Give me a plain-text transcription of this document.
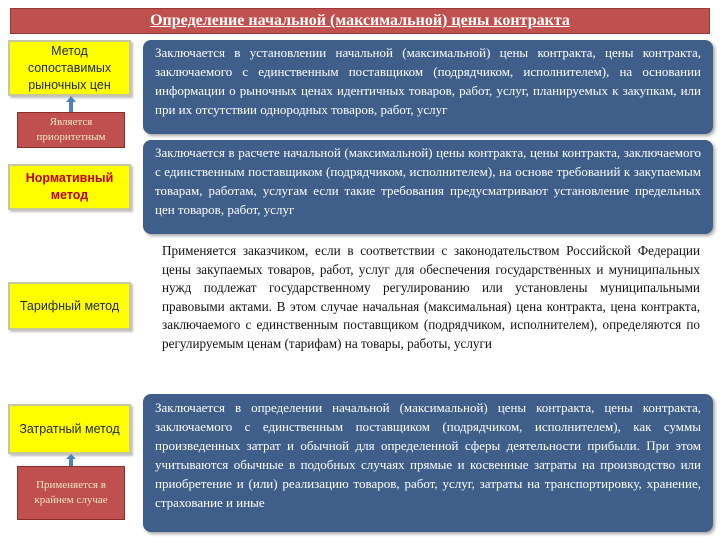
Определение начальной (максимальной) цены контракта
Метод сопоставимых рыночных цен
Является приоритетным
Нормативный метод
Тарифный метод
Затратный метод
Применяется в крайнем случае
Заключается в установлении начальной (максимальной) цены контракта, цены контракта, заключаемого с единственным поставщиком (подрядчиком, исполнителем), на основании информации о рыночных ценах идентичных товаров, работ, услуг, планируемых к закупкам, или при их отсутствии однородных товаров, работ, услуг
Заключается в расчете начальной (максимальной) цены контракта, цены контракта, заключаемого с единственным поставщиком (подрядчиком, исполнителем), на основе требований к закупаемым товарам, работам, услугам если такие требования предусматривают установление предельных цен товаров, работ, услуг
Применяется заказчиком, если в соответствии с законодательством Российской Федерации цены закупаемых товаров, работ, услуг для обеспечения государственных и муниципальных нужд подлежат государственному регулированию или установлены муниципальными правовыми актами. В этом случае начальная (максимальная) цена контракта, цена контракта, заключаемого с единственным поставщиком (подрядчиком, исполнителем), определяются по регулируемым ценам (тарифам) на товары, работы, услуги
Заключается в определении начальной (максимальной) цены контракта, цены контракта, заключаемого с единственным поставщиком (подрядчиком, исполнителем), как суммы произведенных затрат и обычной для определенной сферы деятельности прибыли. При этом учитываются обычные в подобных случаях прямые и косвенные затраты на производство или приобретение и (или) реализацию товаров, работ, услуг, затраты на транспортировку, хранение, страхование и иные
